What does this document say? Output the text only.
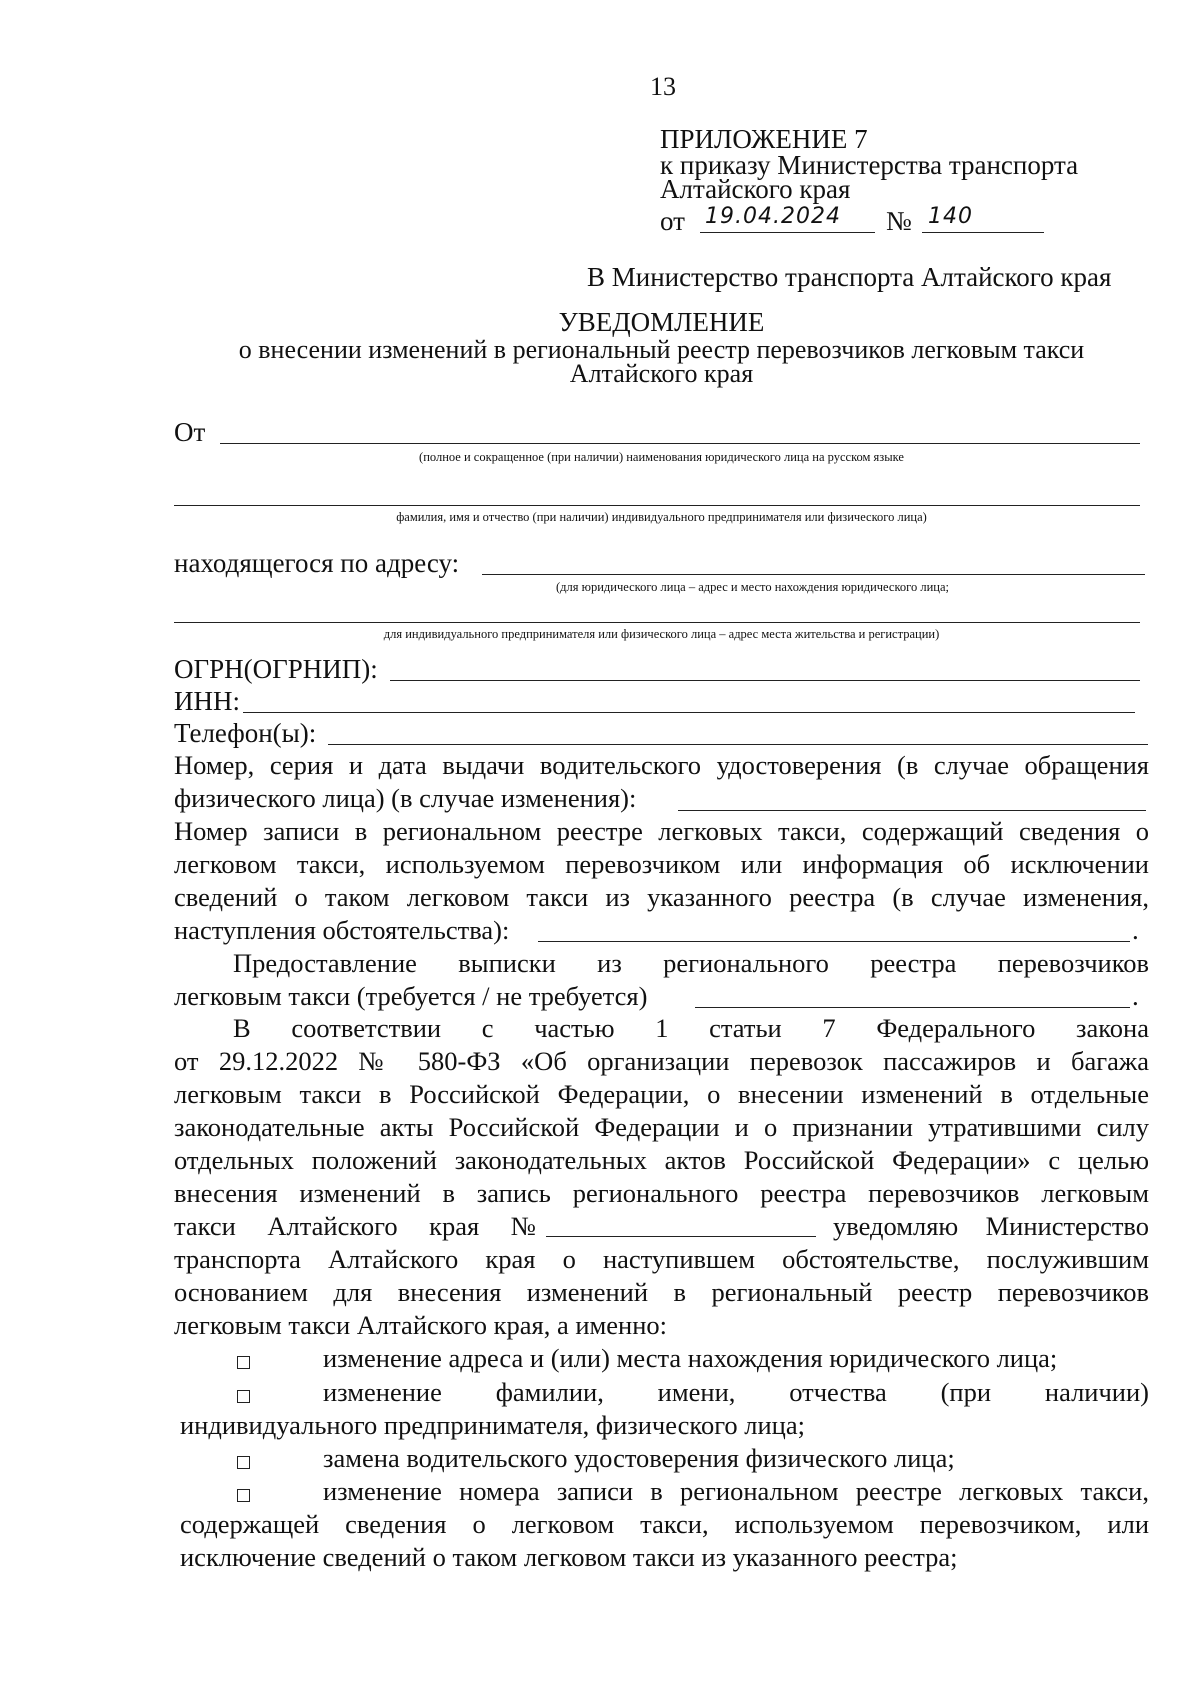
13
ПРИЛОЖЕНИЕ 7
к приказу Министерства транспорта
Алтайского края
от 19.04.2024 № 140
В Министерство транспорта Алтайского края
УВЕДОМЛЕНИЕ
о внесении изменений в региональный реестр перевозчиков легковым такси
Алтайского края
От
(полное и сокращенное (при наличии) наименования юридического лица на русском языке
фамилия, имя и отчество (при наличии) индивидуального предпринимателя или физического лица)
находящегося по адресу:
(для юридического лица – адрес и место нахождения юридического лица;
для индивидуального предпринимателя или физического лица – адрес места жительства и регистрации)
ОГРН(ОГРНИП):
ИНН:
Телефон(ы):
Номер, серия и дата выдачи водительского удостоверения (в случае обращения
физического лица) (в случае изменения):
Номер записи в региональном реестре легковых такси, содержащий сведения о
легковом такси, используемом перевозчиком или информация об исключении
сведений о таком легковом такси из указанного реестра (в случае изменения,
наступления обстоятельства):	.
Предоставление выписки из регионального реестра перевозчиков
легковым такси (требуется / не требуется)	.
В соответствии с частью 1 статьи 7 Федерального закона
от 29.12.2022 № 580-ФЗ «Об организации перевозок пассажиров и багажа
легковым такси в Российской Федерации, о внесении изменений в отдельные
законодательные акты Российской Федерации и о признании утратившими силу
отдельных положений законодательных актов Российской Федерации» с целью
внесения изменений в запись регионального реестра перевозчиков легковым
такси Алтайского края №	уведомляю Министерство
транспорта Алтайского края о наступившем обстоятельстве, послужившим
основанием для внесения изменений в региональный реестр перевозчиков
легковым такси Алтайского края, а именно:
изменение адреса и (или) места нахождения юридического лица;
изменение фамилии, имени, отчества (при наличии)
индивидуального предпринимателя, физического лица;
замена водительского удостоверения физического лица;
изменение номера записи в региональном реестре легковых такси,
содержащей сведения о легковом такси, используемом перевозчиком, или
исключение сведений о таком легковом такси из указанного реестра;
